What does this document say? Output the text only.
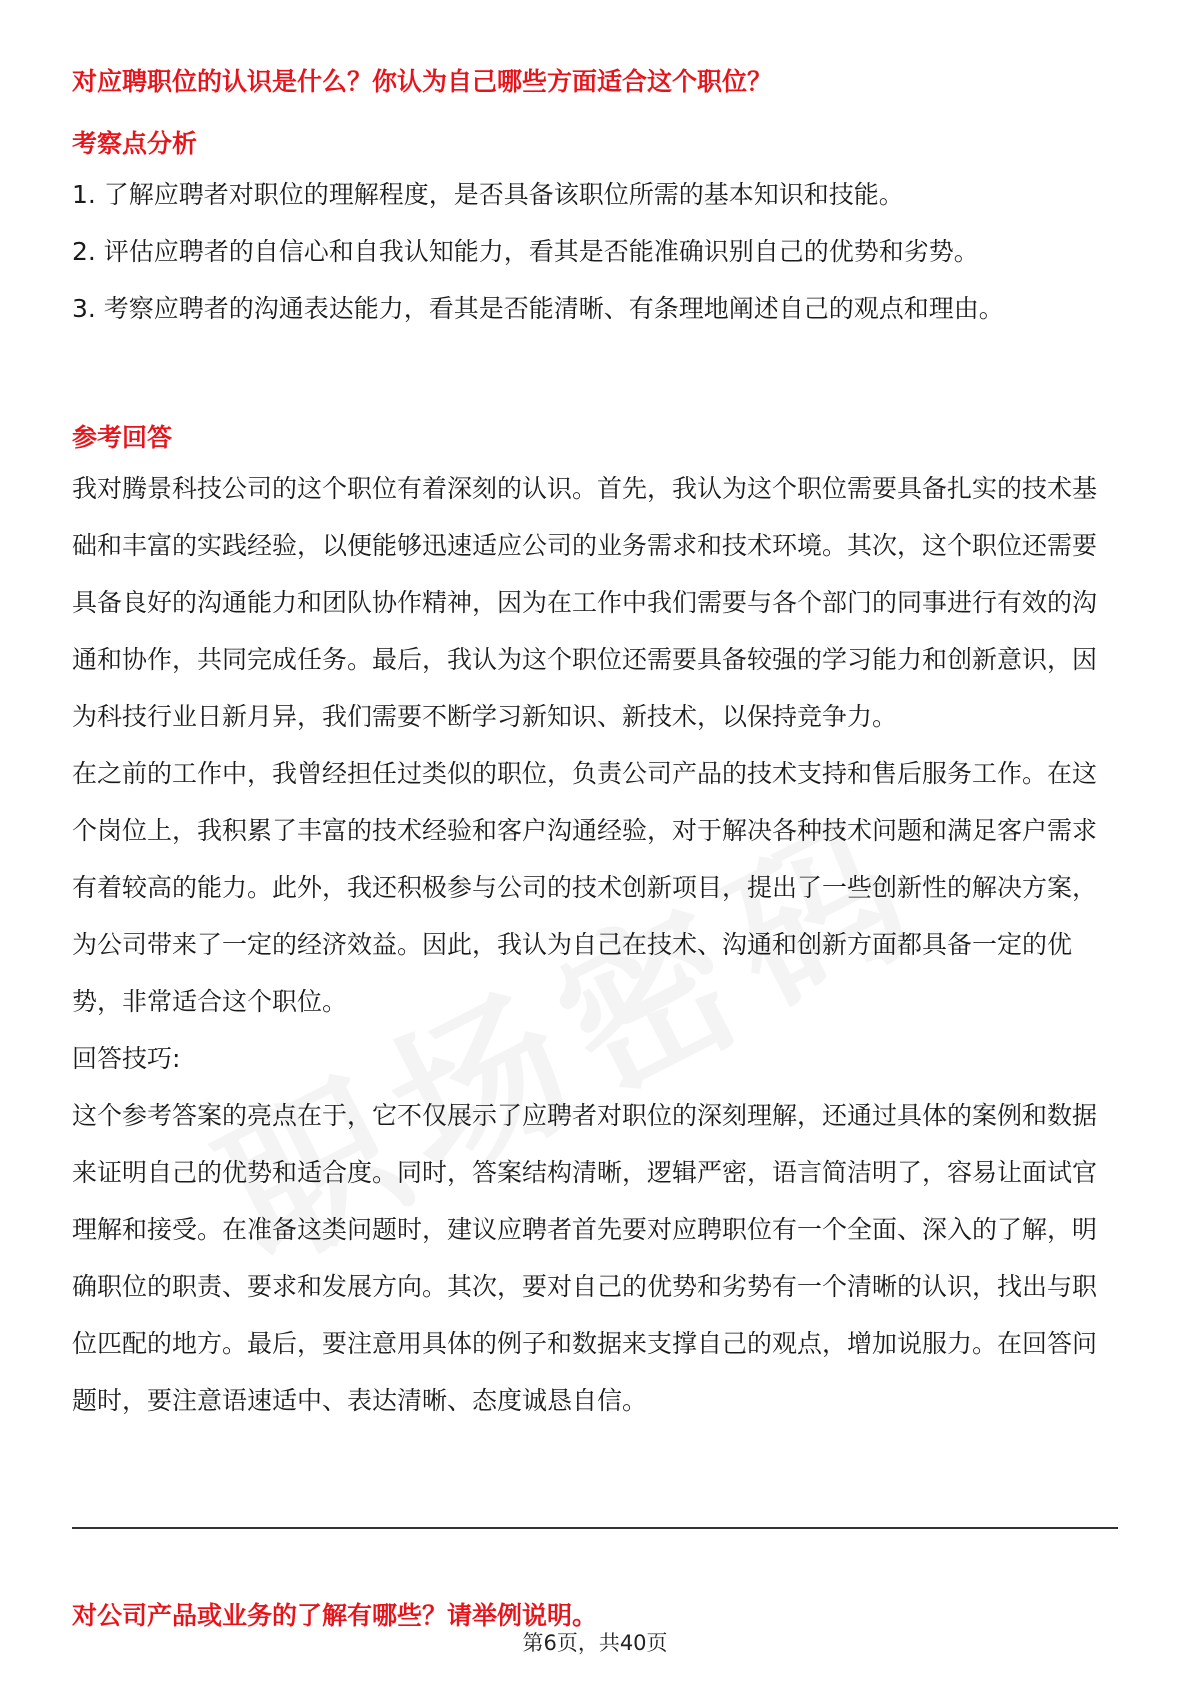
对应聘职位的认识是什么？你认为自己哪些方面适合这个职位？
考察点分析

1. 了解应聘者对职位的理解程度，是否具备该职位所需的基本知识和技能。

2. 评估应聘者的自信心和自我认知能力，看其是否能准确识别自己的优势和劣势。

3. 考察应聘者的沟通表达能力，看其是否能清晰、有条理地阐述自己的观点和理由。

参考回答

我对腾景科技公司的这个职位有着深刻的认识。首先，我认为这个职位需要具备扎实的技术基础和丰富的实践经验，以便能够迅速适应公司的业务需求和技术环境。其次，这个职位还需要具备良好的沟通能力和团队协作精神，因为在工作中我们需要与各个部门的同事进行有效的沟通和协作，共同完成任务。最后，我认为这个职位还需要具备较强的学习能力和创新意识，因为科技行业日新月异，我们需要不断学习新知识、新技术，以保持竞争力。

在之前的工作中，我曾经担任过类似的职位，负责公司产品的技术支持和售后服务工作。在这个岗位上，我积累了丰富的技术经验和客户沟通经验，对于解决各种技术问题和满足客户需求有着较高的能力。此外，我还积极参与公司的技术创新项目，提出了一些创新性的解决方案，为公司带来了一定的经济效益。因此，我认为自己在技术、沟通和创新方面都具备一定的优势，非常适合这个职位。

回答技巧:

这个参考答案的亮点在于，它不仅展示了应聘者对职位的深刻理解，还通过具体的案例和数据来证明自己的优势和适合度。同时，答案结构清晰，逻辑严密，语言简洁明了，容易让面试官理解和接受。在准备这类问题时，建议应聘者首先要对应聘职位有一个全面、深入的了解，明确职位的职责、要求和发展方向。其次，要对自己的优势和劣势有一个清晰的认识，找出与职位匹配的地方。最后，要注意用具体的例子和数据来支撑自己的观点，增加说服力。在回答问题时，要注意语速适中、表达清晰、态度诚恳自信。

对公司产品或业务的了解有哪些？请举例说明。
第6页，共40页
